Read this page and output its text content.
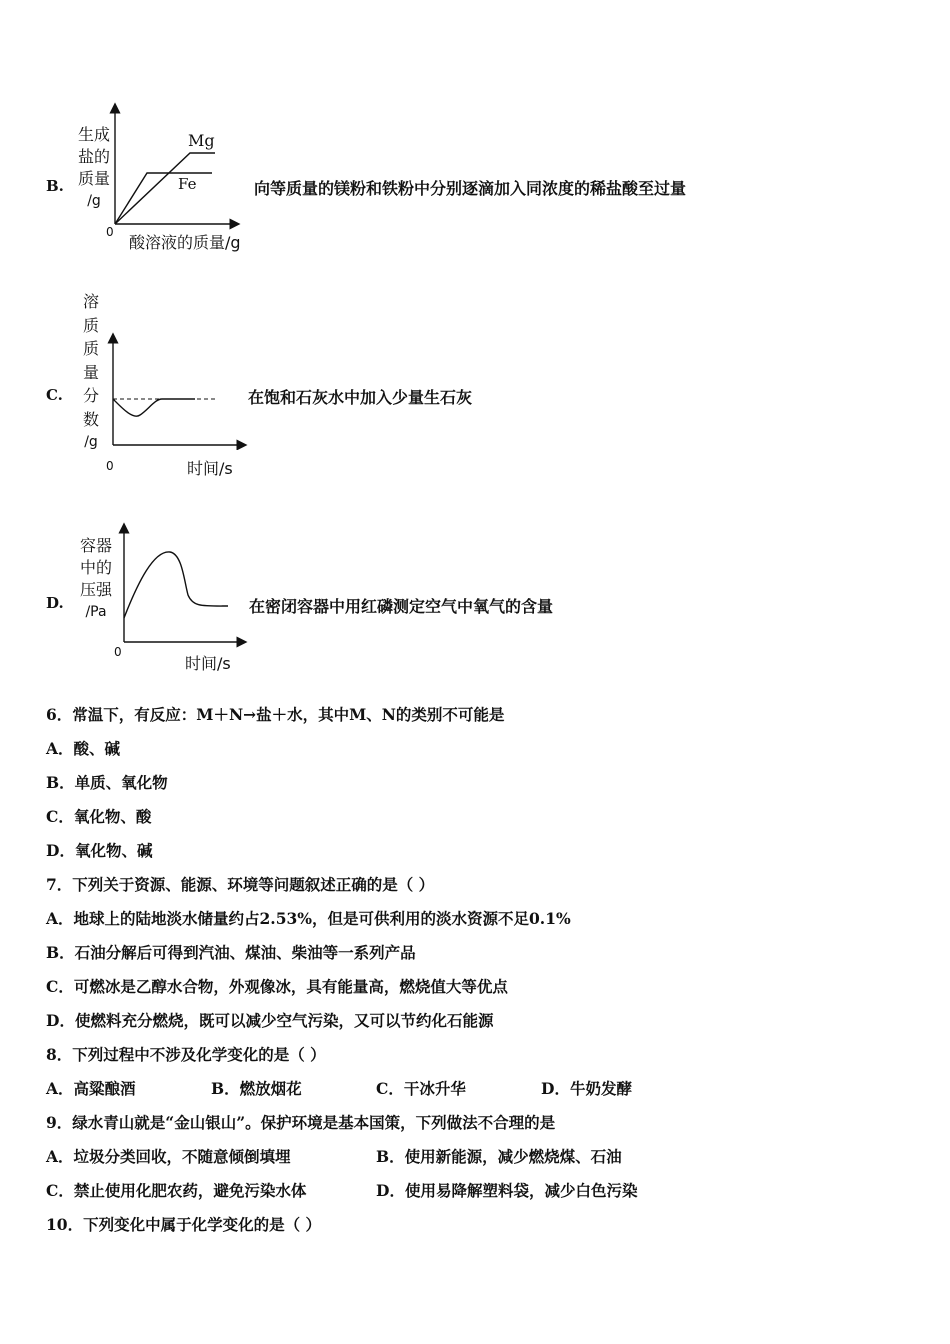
B.
生成
盐的
质量
/g
Mg
Fe
0
酸溶液的质量/g
向等质量的镁粉和铁粉中分别逐滴加入同浓度的稀盐酸至过量
C.
溶
质
质
量
分
数
/g
0	时间/s
在饱和石灰水中加入少量生石灰
D.
容器
中的
压强
/Pa
0
时间/s
在密闭容器中用红磷测定空气中氧气的含量
6．常温下，有反应：M＋N→盐＋水，其中M、N的类别不可能是
A．酸、碱
B．单质、氧化物
C．氧化物、酸
D．氧化物、碱
7．下列关于资源、能源、环境等问题叙述正确的是（ ）
A．地球上的陆地淡水储量约占2.53%，但是可供利用的淡水资源不足0.1%
B．石油分解后可得到汽油、煤油、柴油等一系列产品
C．可燃冰是乙醇水合物，外观像冰，具有能量高，燃烧值大等优点
D．使燃料充分燃烧，既可以减少空气污染，又可以节约化石能源
8．下列过程中不涉及化学变化的是（ ）
A．高粱酿酒	B．燃放烟花	C．干冰升华	D．牛奶发酵
9．绿水青山就是“金山银山”。保护环境是基本国策，下列做法不合理的是
A．垃圾分类回收，不随意倾倒填埋	B．使用新能源，减少燃烧煤、石油
C．禁止使用化肥农药，避免污染水体	D．使用易降解塑料袋，减少白色污染
10．下列变化中属于化学变化的是（ ）
